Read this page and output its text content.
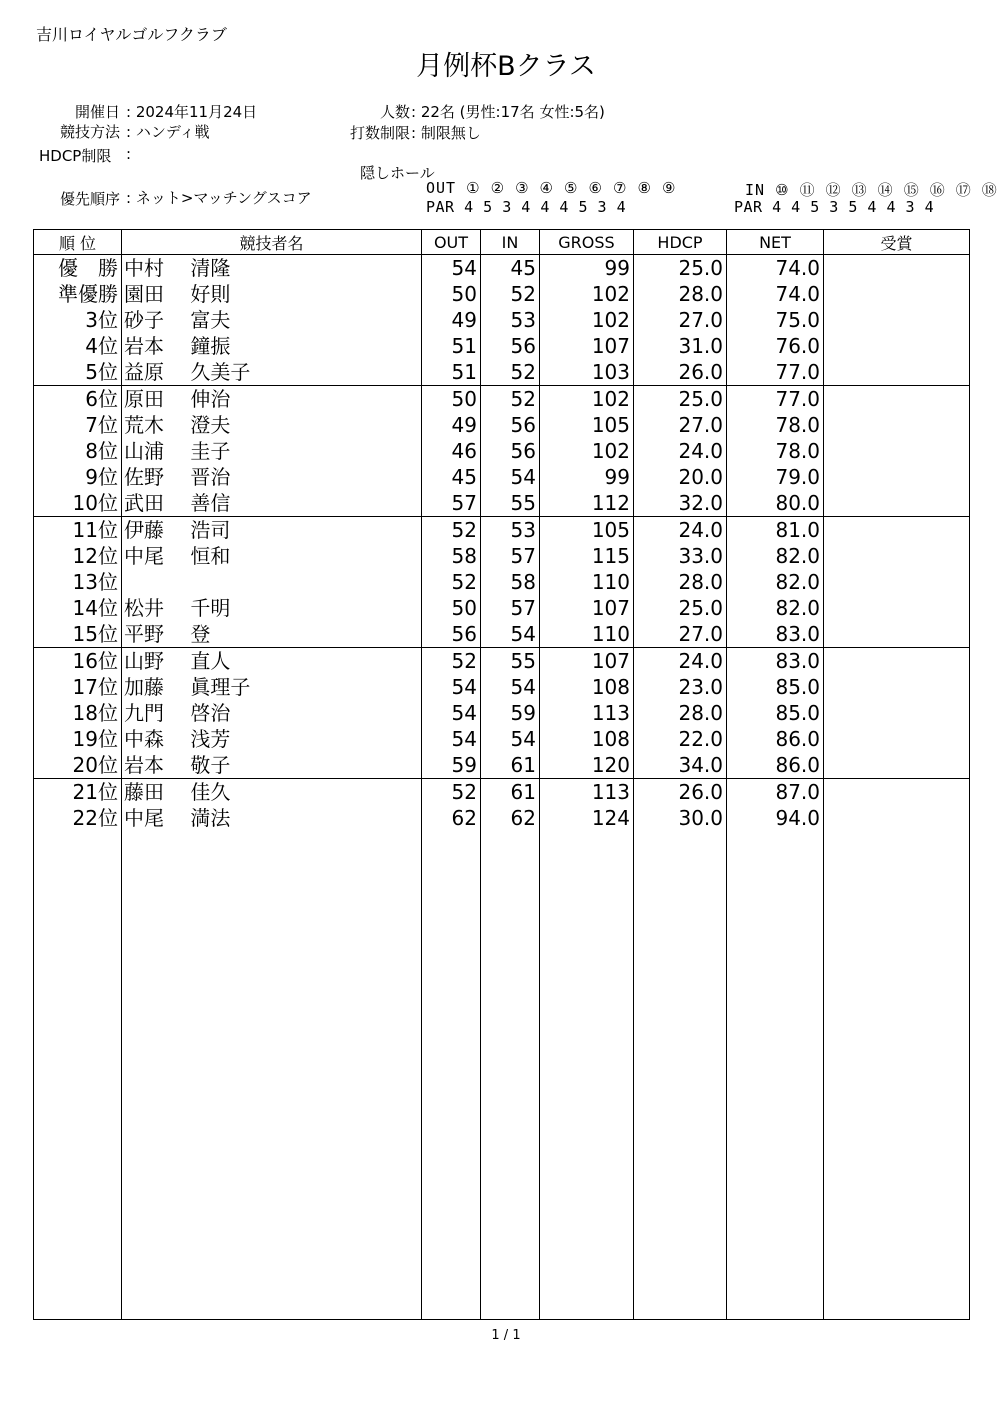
吉川ロイヤルゴルフクラブ
月例杯Bクラス
開催日 : 2024年11月24日
競技方法 : ハンディ戦
HDCP制限 :
優先順序 : ネット>マッチングスコア
人数 : 22名 (男性:17名 女性:5名)
打数制限 : 制限無し
隠しホール
OUT ① ② ③ ④ ⑤ ⑥ ⑦ ⑧ ⑨
PAR 4 5 3 4 4 4 5 3 4
IN ⑩ ⑪ ⑫ ⑬ ⑭ ⑮ ⑯ ⑰ ⑱
PAR 4 4 5 3 5 4 4 3 4
順 位	競技者名	OUT	IN	GROSS	HDCP	NET	受賞
優　勝	中村　 清隆	54	45	99	25.0	74.0	
準優勝	園田　 好則	50	52	102	28.0	74.0	
3位	砂子　 富夫	49	53	102	27.0	75.0	
4位	岩本　 鐘振	51	56	107	31.0	76.0	
5位	益原　 久美子	51	52	103	26.0	77.0	
6位	原田　 伸治	50	52	102	25.0	77.0	
7位	荒木　 澄夫	49	56	105	27.0	78.0	
8位	山浦　 圭子	46	56	102	24.0	78.0	
9位	佐野　 晋治	45	54	99	20.0	79.0	
10位	武田　 善信	57	55	112	32.0	80.0	
11位	伊藤　 浩司	52	53	105	24.0	81.0	
12位	中尾　 恒和	58	57	115	33.0	82.0	
13位		52	58	110	28.0	82.0	
14位	松井　 千明	50	57	107	25.0	82.0	
15位	平野　 登	56	54	110	27.0	83.0	
16位	山野　 直人	52	55	107	24.0	83.0	
17位	加藤　 眞理子	54	54	108	23.0	85.0	
18位	九門　 啓治	54	59	113	28.0	85.0	
19位	中森　 浅芳	54	54	108	22.0	86.0	
20位	岩本　 敬子	59	61	120	34.0	86.0	
21位	藤田　 佳久	52	61	113	26.0	87.0	
22位	中尾　 満法	62	62	124	30.0	94.0	

1 / 1
